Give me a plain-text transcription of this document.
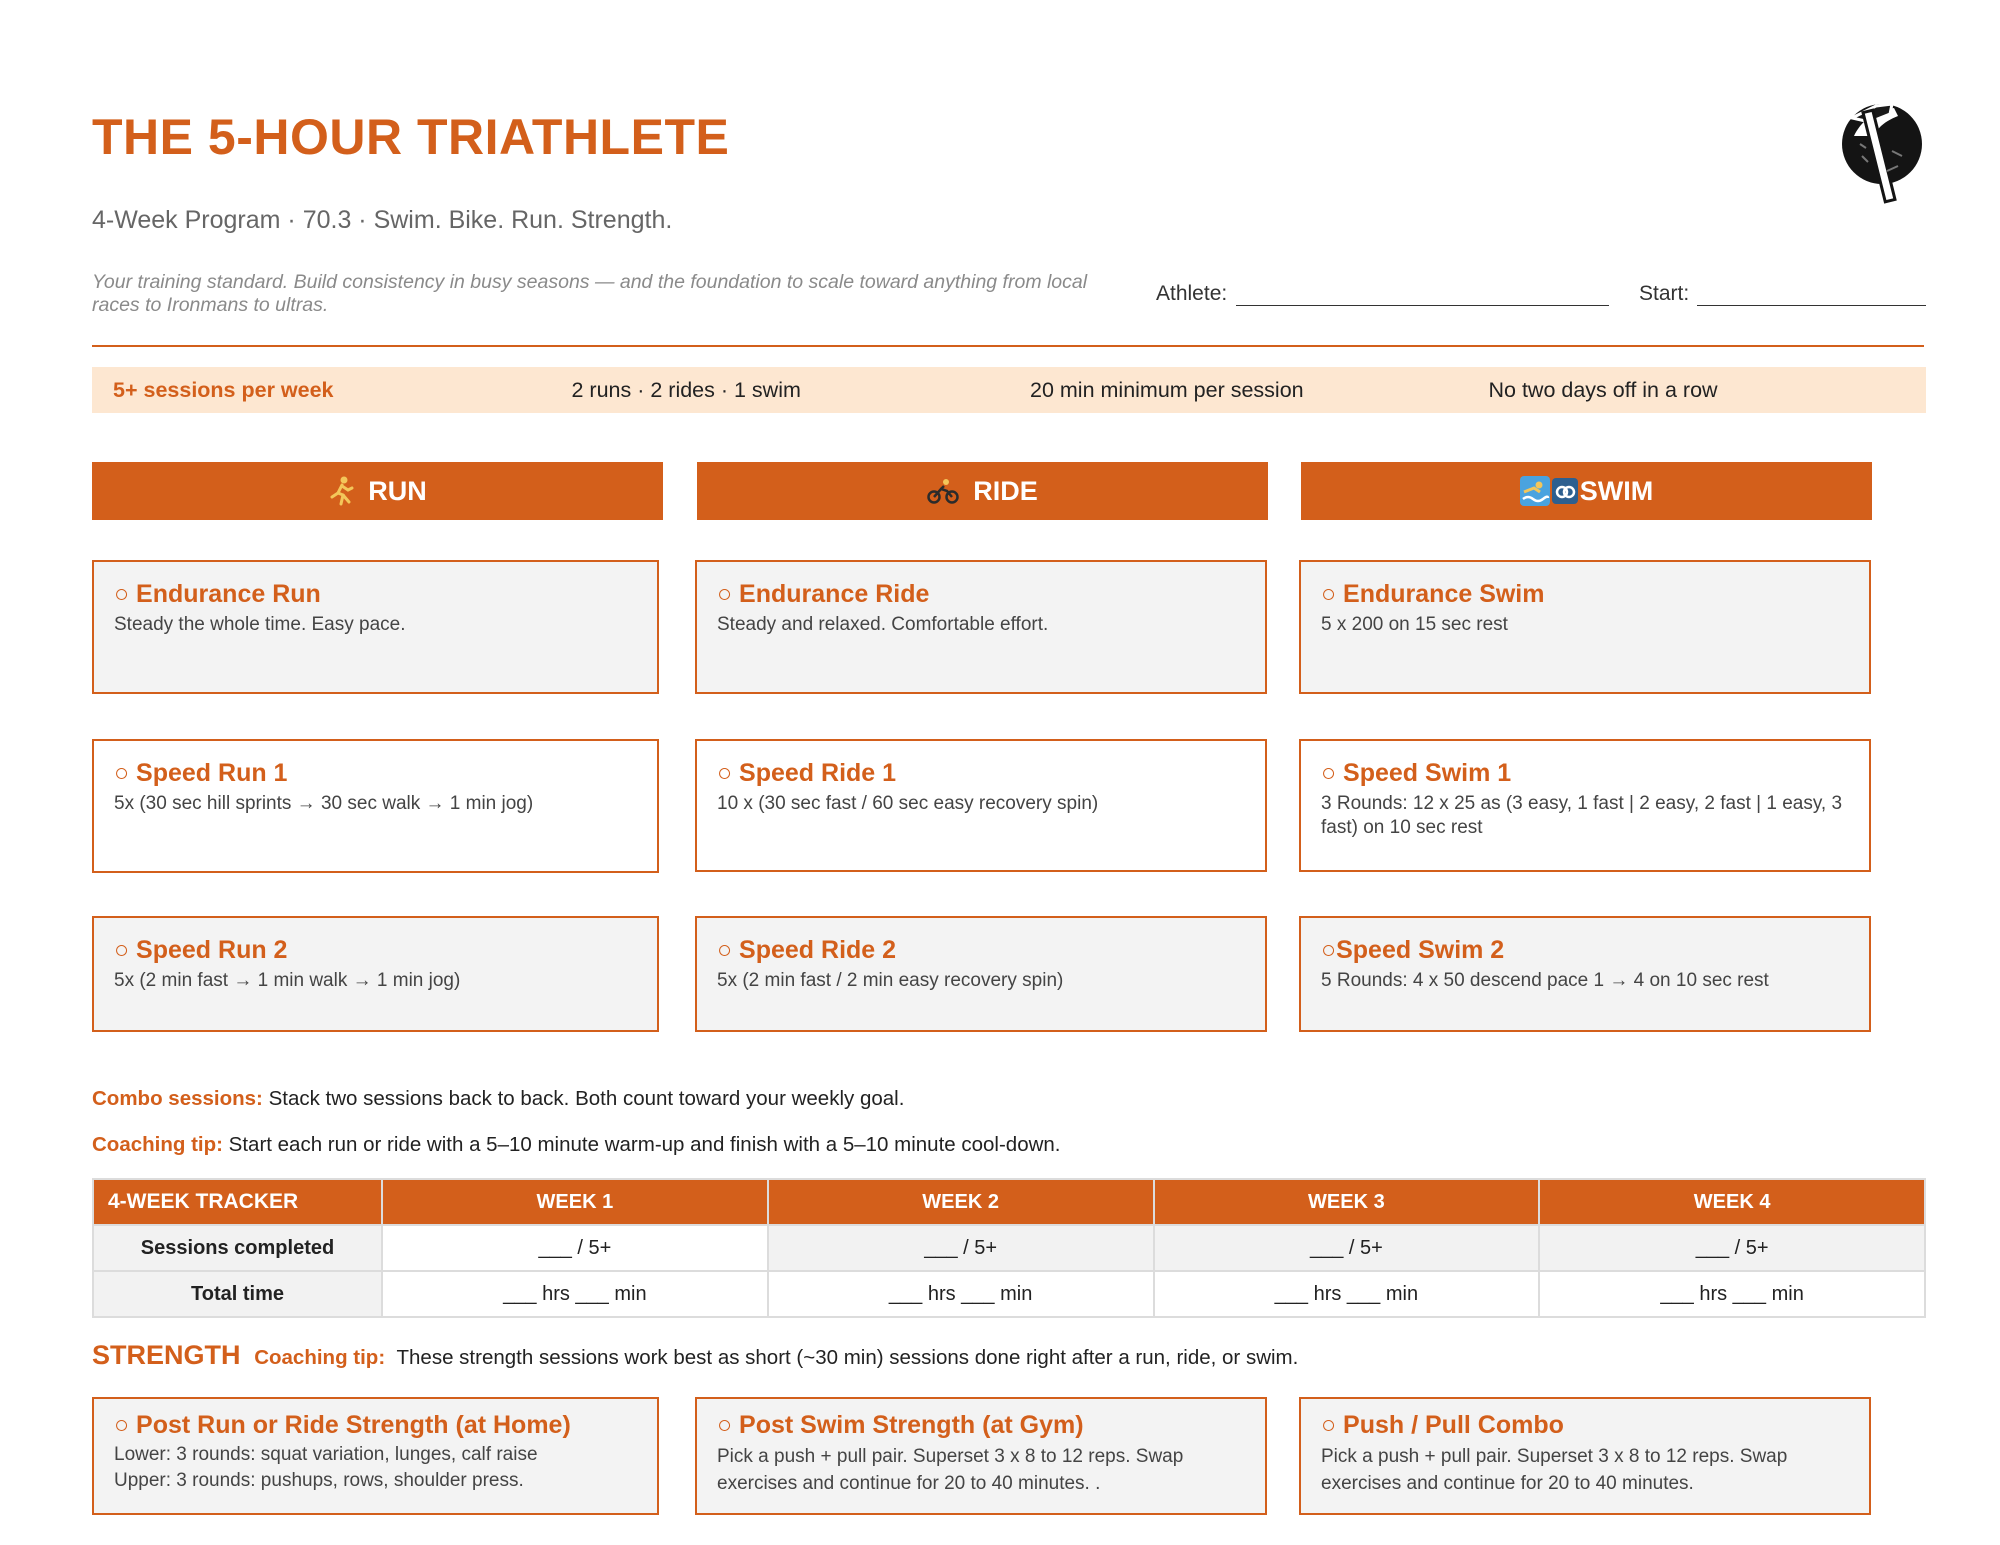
THE 5-HOUR TRIATHLETE
4-Week Program · 70.3 · Swim. Bike. Run. Strength.
Your training standard. Build consistency in busy seasons — and the foundation to scale toward anything from local races to Ironmans to ultras.	Athlete:	Start:
5+ sessions per week	2 runs · 2 rides · 1 swim	20 min minimum per session	No two days off in a row
RUN	RIDE	SWIM
○ Endurance Run
Steady the whole time. Easy pace.
○ Speed Run 1
5x (30 sec hill sprints → 30 sec walk → 1 min jog)
○ Speed Run 2
5x (2 min fast → 1 min walk → 1 min jog)
○ Endurance Ride
Steady and relaxed. Comfortable effort.
○ Speed Ride 1
10 x (30 sec fast / 60 sec easy recovery spin)
○ Speed Ride 2
5x (2 min fast / 2 min easy recovery spin)
○ Endurance Swim
5 x 200 on 15 sec rest
○ Speed Swim 1
3 Rounds: 12 x 25 as (3 easy, 1 fast | 2 easy, 2 fast | 1 easy, 3 fast) on 10 sec rest
○Speed Swim 2
5 Rounds: 4 x 50 descend pace 1 → 4 on 10 sec rest
Combo sessions: Stack two sessions back to back. Both count toward your weekly goal.
Coaching tip: Start each run or ride with a 5–10 minute warm-up and finish with a 5–10 minute cool-down.
4-WEEK TRACKER	WEEK 1	WEEK 2	WEEK 3	WEEK 4
Sessions completed	___ / 5+	___ / 5+	___ / 5+	___ / 5+
Total time	___ hrs ___ min	___ hrs ___ min	___ hrs ___ min	___ hrs ___ min
STRENGTH Coaching tip: These strength sessions work best as short (~30 min) sessions done right after a run, ride, or swim.
○ Post Run or Ride Strength (at Home)
Lower: 3 rounds: squat variation, lunges, calf raise
Upper: 3 rounds: pushups, rows, shoulder press.
○ Post Swim Strength (at Gym)
Pick a push + pull pair. Superset 3 x 8 to 12 reps. Swap exercises and continue for 20 to 40 minutes. .
○ Push / Pull Combo
Pick a push + pull pair. Superset 3 x 8 to 12 reps. Swap exercises and continue for 20 to 40 minutes.
